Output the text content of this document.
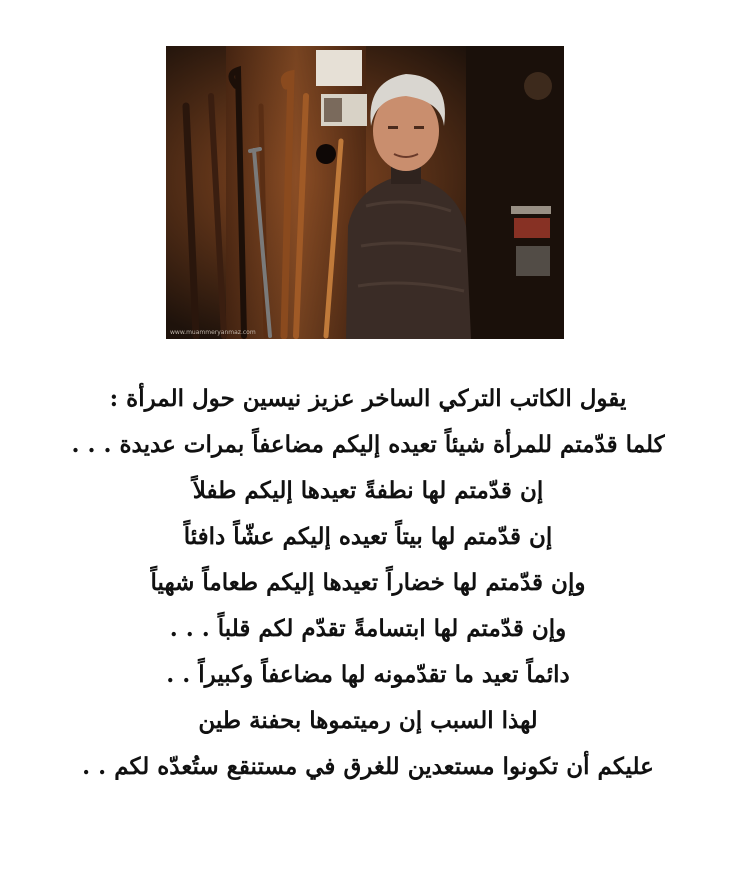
www.muammeryanmaz.com
يقول الكاتب التركي الساخر عزيز نيسين حول المرأة :
كلما قدّمتم للمرأة شيئاً تعيده إليكم مضاعفاً بمرات عديدة . . .
إن قدّمتم لها نطفةً تعيدها إليكم طفلاً
إن قدّمتم لها بيتاً تعيده إليكم عشّاً دافئاً
وإن قدّمتم لها خضاراً تعيدها إليكم طعاماً شهياً
وإن قدّمتم لها ابتسامةً تقدّم لكم قلباً . . .
دائماً تعيد ما تقدّمونه لها مضاعفاً وكبيراً . .
لهذا السبب إن رميتموها بحفنة طين
عليكم أن تكونوا مستعدين للغرق في مستنقع ستُعدّه لكم . .
